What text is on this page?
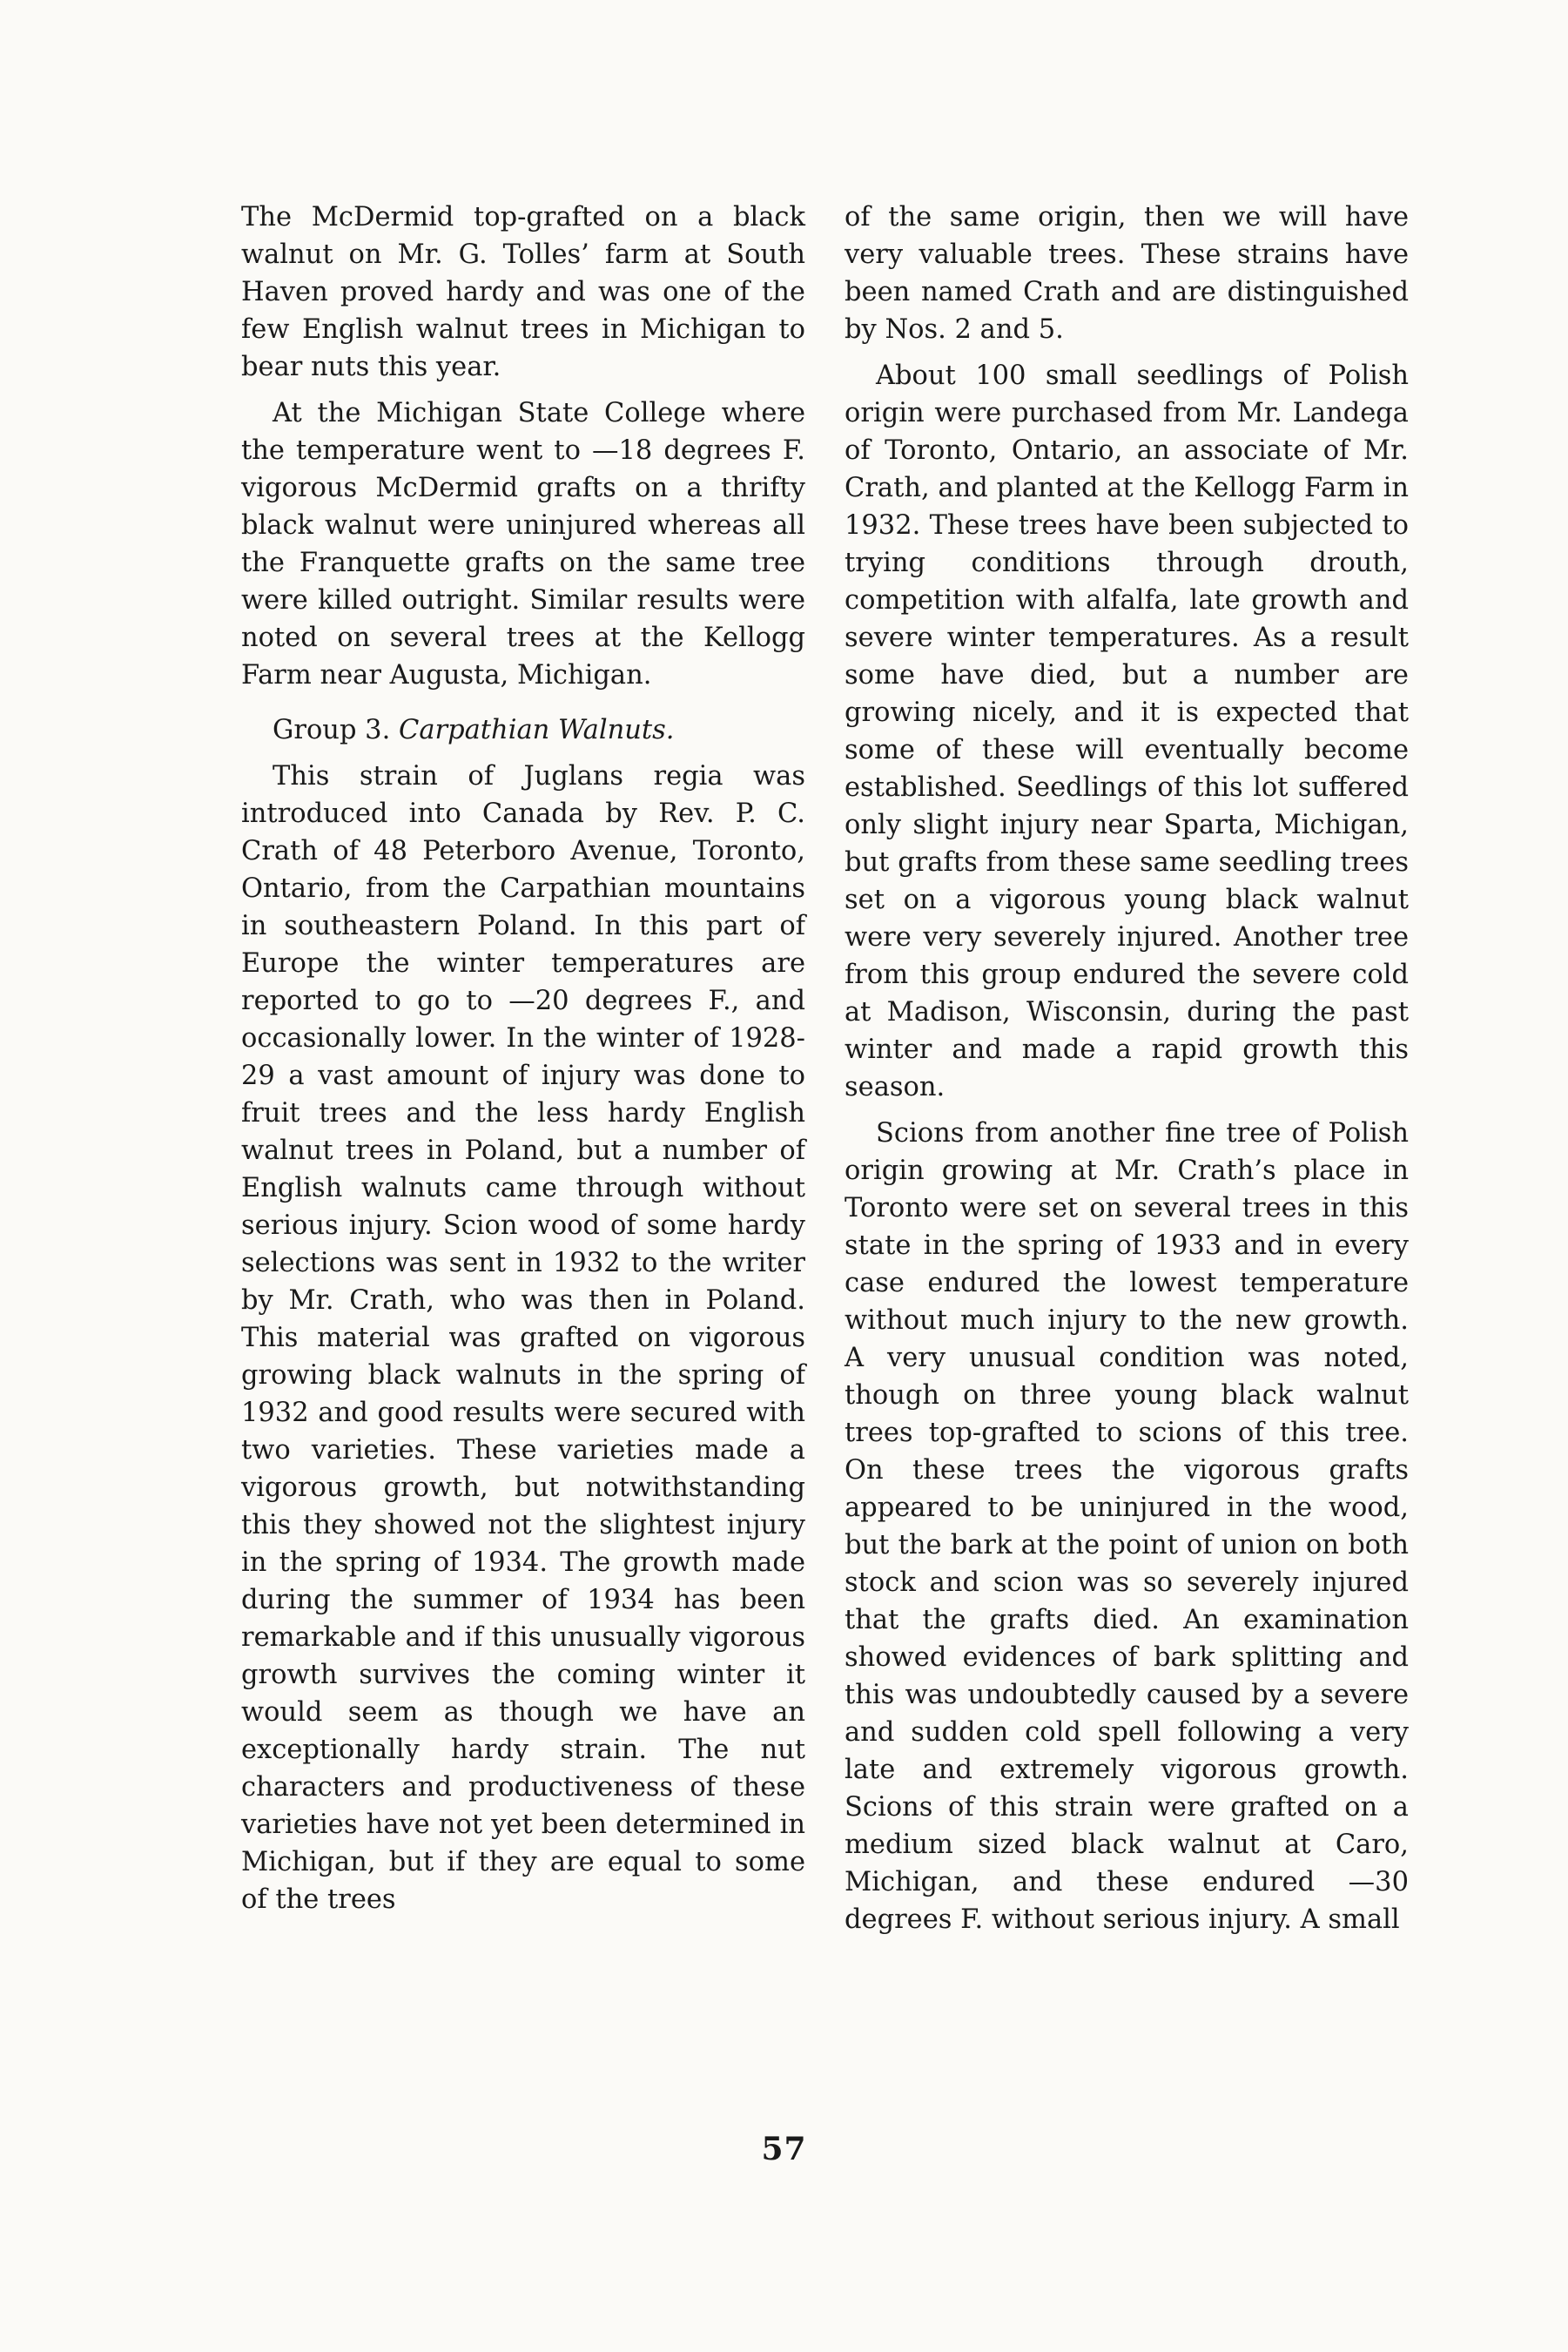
The McDermid top-grafted on a black walnut on Mr. G. Tolles’ farm at South Haven proved hardy and was one of the few English walnut trees in Michigan to bear nuts this year.

At the Michigan State College where the temperature went to —18 degrees F. vigorous McDermid grafts on a thrifty black walnut were uninjured whereas all the Franquette grafts on the same tree were killed outright. Similar results were noted on several trees at the Kellogg Farm near Augusta, Michigan.

Group 3. Carpathian Walnuts.

This strain of Juglans regia was introduced into Canada by Rev. P. C. Crath of 48 Peterboro Avenue, Toronto, Ontario, from the Carpathian mountains in southeastern Poland. In this part of Europe the winter temperatures are reported to go to —20 degrees F., and occasionally lower. In the winter of 1928-29 a vast amount of injury was done to fruit trees and the less hardy English walnut trees in Poland, but a number of English walnuts came through without serious injury. Scion wood of some hardy selections was sent in 1932 to the writer by Mr. Crath, who was then in Poland. This material was grafted on vigorous growing black walnuts in the spring of 1932 and good results were secured with two varieties. These varieties made a vigorous growth, but notwithstanding this they showed not the slightest injury in the spring of 1934. The growth made during the summer of 1934 has been remarkable and if this unusually vigorous growth survives the coming winter it would seem as though we have an exceptionally hardy strain. The nut characters and productiveness of these varieties have not yet been determined in Michigan, but if they are equal to some of the trees

of the same origin, then we will have very valuable trees. These strains have been named Crath and are distinguished by Nos. 2 and 5.

About 100 small seedlings of Polish origin were purchased from Mr. Landega of Toronto, Ontario, an associate of Mr. Crath, and planted at the Kellogg Farm in 1932. These trees have been subjected to trying conditions through drouth, competition with alfalfa, late growth and severe winter temperatures. As a result some have died, but a number are growing nicely, and it is expected that some of these will eventually become established. Seedlings of this lot suffered only slight injury near Sparta, Michigan, but grafts from these same seedling trees set on a vigorous young black walnut were very severely injured. Another tree from this group endured the severe cold at Madison, Wisconsin, during the past winter and made a rapid growth this season.

Scions from another fine tree of Polish origin growing at Mr. Crath’s place in Toronto were set on several trees in this state in the spring of 1933 and in every case endured the lowest temperature without much injury to the new growth. A very unusual condition was noted, though on three young black walnut trees top-grafted to scions of this tree. On these trees the vigorous grafts appeared to be uninjured in the wood, but the bark at the point of union on both stock and scion was so severely injured that the grafts died. An examination showed evidences of bark splitting and this was undoubtedly caused by a severe and sudden cold spell following a very late and extremely vigorous growth. Scions of this strain were grafted on a medium sized black walnut at Caro, Michigan, and these endured —30 degrees F. without serious injury. A small

57
